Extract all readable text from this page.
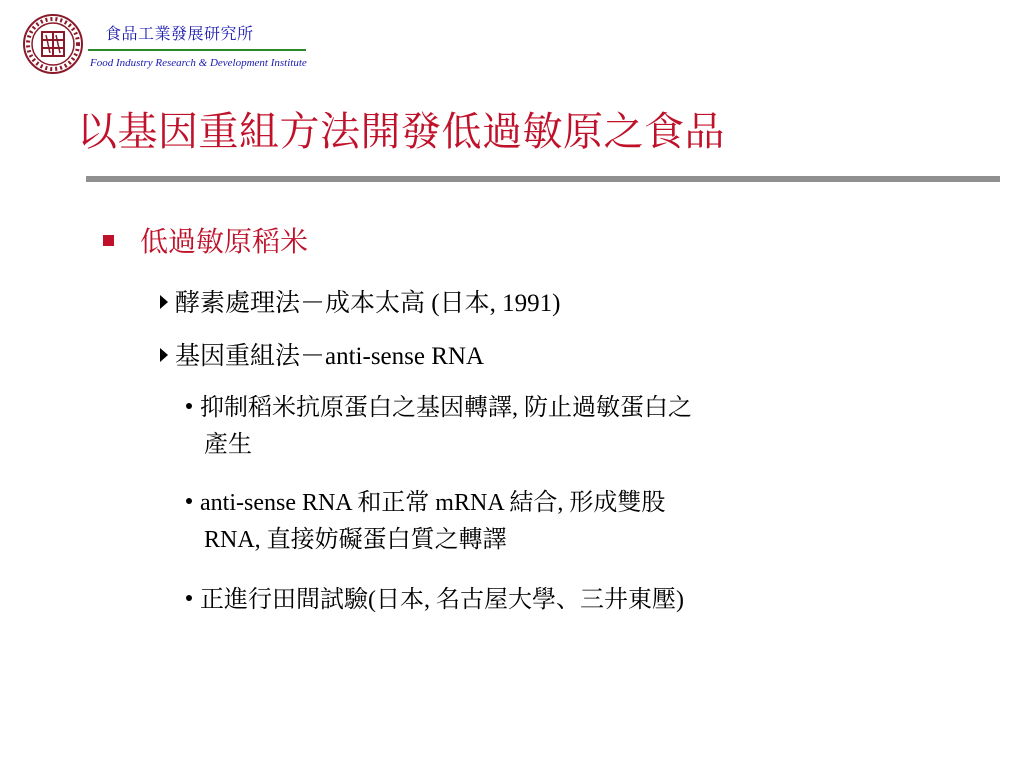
食品工業發展研究所
Food Industry Research & Development Institute
以基因重組方法開發低過敏原之食品
低過敏原稻米
酵素處理法－成本太高 (日本, 1991)
基因重組法－anti-sense RNA
抑制稻米抗原蛋白之基因轉譯, 防止過敏蛋白之
產生
anti-sense RNA 和正常 mRNA 結合, 形成雙股
RNA, 直接妨礙蛋白質之轉譯
正進行田間試驗(日本, 名古屋大學、三井東壓)
